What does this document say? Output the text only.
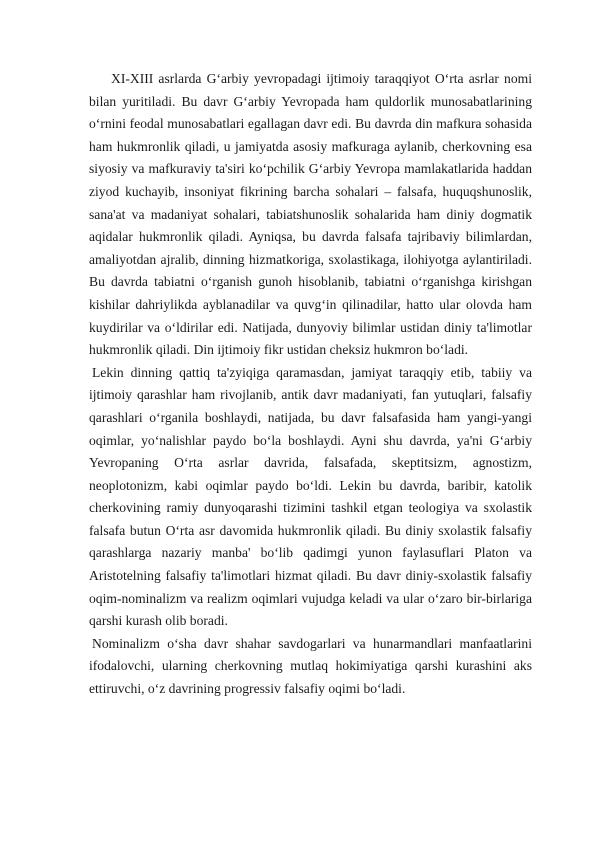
XI-XIII asrlarda G‘arbiy yevropadagi ijtimoiy taraqqiyot O‘rta asrlar nomi bilan yuritiladi. Bu davr G‘arbiy Yevropada ham quldorlik munosabatlarining o‘rnini feodal munosabatlari egallagan davr edi. Bu davrda din mafkura sohasida ham hukmronlik qiladi, u jamiyatda asosiy mafkuraga aylanib, cherkovning esa siyosiy va mafkuraviy ta'siri ko‘pchilik G‘arbiy Yevropa mamlakatlarida haddan ziyod kuchayib, insoniyat fikrining barcha sohalari – falsafa, huquqshunoslik, sana'at va madaniyat sohalari, tabiatshunoslik sohalarida ham diniy dogmatik aqidalar hukmronlik qiladi. Ayniqsa, bu davrda falsafa tajribaviy bilimlardan, amaliyotdan ajralib, dinning hizmatkoriga, sxolastikaga, ilohiyotga aylantiriladi. Bu davrda tabiatni o‘rganish gunoh hisoblanib, tabiatni o‘rganishga kirishgan kishilar dahriylikda ayblanadilar va quvg‘in qilinadilar, hatto ular olovda ham kuydirilar va o‘ldirilar edi. Natijada, dunyoviy bilimlar ustidan diniy ta'limotlar hukmronlik qiladi. Din ijtimoiy fikr ustidan cheksiz hukmron bo‘ladi.

Lekin dinning qattiq ta'zyiqiga qaramasdan, jamiyat taraqqiy etib, tabiiy va ijtimoiy qarashlar ham rivojlanib, antik davr madaniyati, fan yutuqlari, falsafiy qarashlari o‘rganila boshlaydi, natijada, bu davr falsafasida ham yangi-yangi oqimlar, yo‘nalishlar paydo bo‘la boshlaydi. Ayni shu davrda, ya'ni G‘arbiy Yevropaning O‘rta asrlar davrida, falsafada, skeptitsizm, agnostizm, neoplotonizm, kabi oqimlar paydo bo‘ldi. Lekin bu davrda, baribir, katolik cherkovining ramiy dunyoqarashi tizimini tashkil etgan teologiya va sxolastik falsafa butun O‘rta asr davomida hukmronlik qiladi. Bu diniy sxolastik falsafiy qarashlarga nazariy manba' bo‘lib qadimgi yunon faylasuflari Platon va Aristotelning falsafiy ta'limotlari hizmat qiladi. Bu davr diniy-sxolastik falsafiy oqim-nominalizm va realizm oqimlari vujudga keladi va ular o‘zaro bir-birlariga qarshi kurash olib boradi.

Nominalizm o‘sha davr shahar savdogarlari va hunarmandlari manfaatlarini ifodalovchi, ularning cherkovning mutlaq hokimiyatiga qarshi kurashini aks ettiruvchi, o‘z davrining progressiv falsafiy oqimi bo‘ladi.
